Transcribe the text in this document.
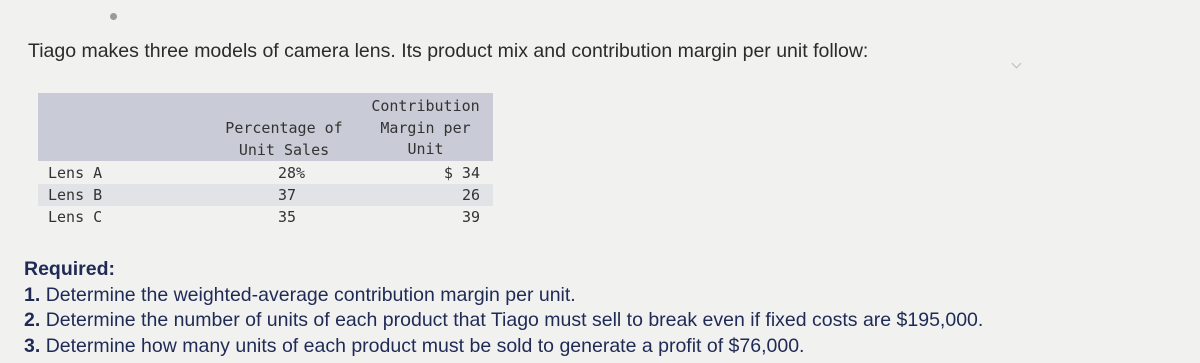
Tiago makes three models of camera lens. Its product mix and contribution margin per unit follow:
Percentage of
Unit Sales
Contribution
Margin per
Unit
Lens A	28%	$ 34
Lens B	37	26
Lens C	35	39
Required:
1. Determine the weighted-average contribution margin per unit.
2. Determine the number of units of each product that Tiago must sell to break even if fixed costs are $195,000.
3. Determine how many units of each product must be sold to generate a profit of $76,000.
